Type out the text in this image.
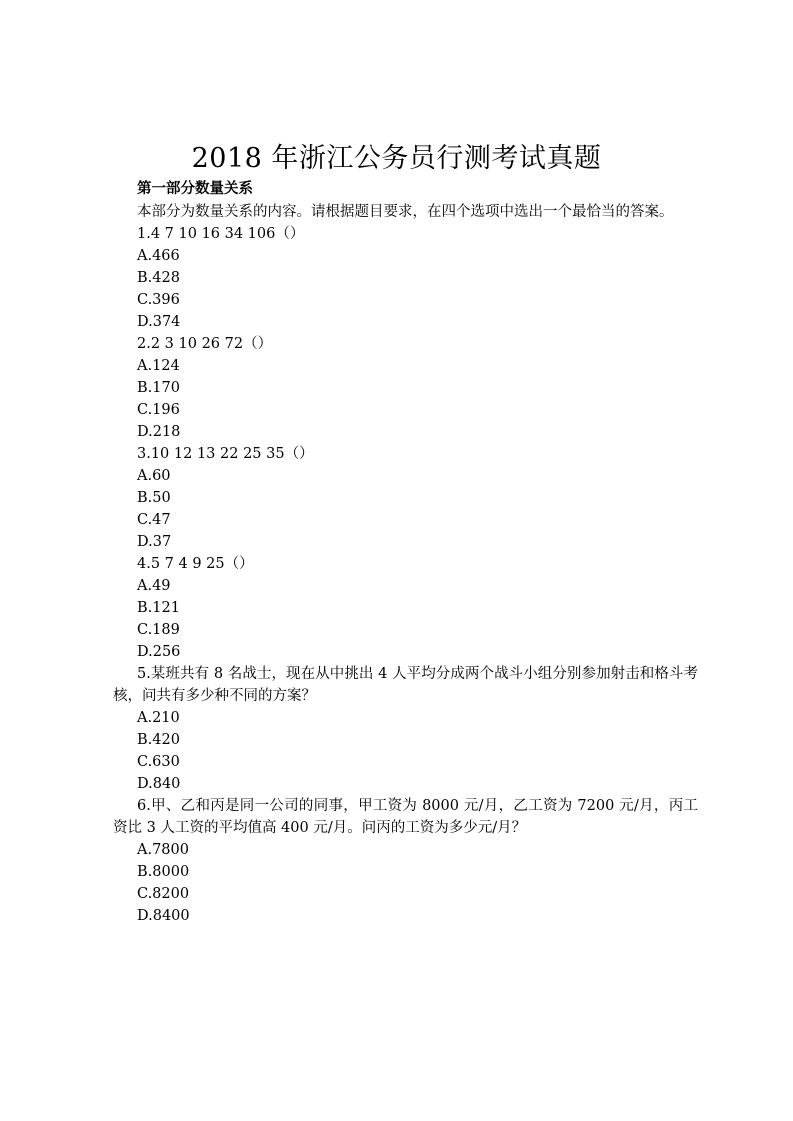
2018 年浙江公务员行测考试真题
第一部分数量关系

本部分为数量关系的内容。请根据题目要求，在四个选项中选出一个最恰当的答案。

1.4 7 10 16 34 106（）

A.466

B.428

C.396

D.374

2.2 3 10 26 72（）

A.124

B.170

C.196

D.218

3.10 12 13 22 25 35（）

A.60

B.50

C.47

D.37

4.5 7 4 9 25（）

A.49

B.121

C.189

D.256

5.某班共有 8 名战士，现在从中挑出 4 人平均分成两个战斗小组分别参加射击和格斗考核，问共有多少种不同的方案？

A.210

B.420

C.630

D.840

6.甲、乙和丙是同一公司的同事，甲工资为 8000 元/月，乙工资为 7200 元/月，丙工资比 3 人工资的平均值高 400 元/月。问丙的工资为多少元/月？

A.7800

B.8000

C.8200

D.8400
